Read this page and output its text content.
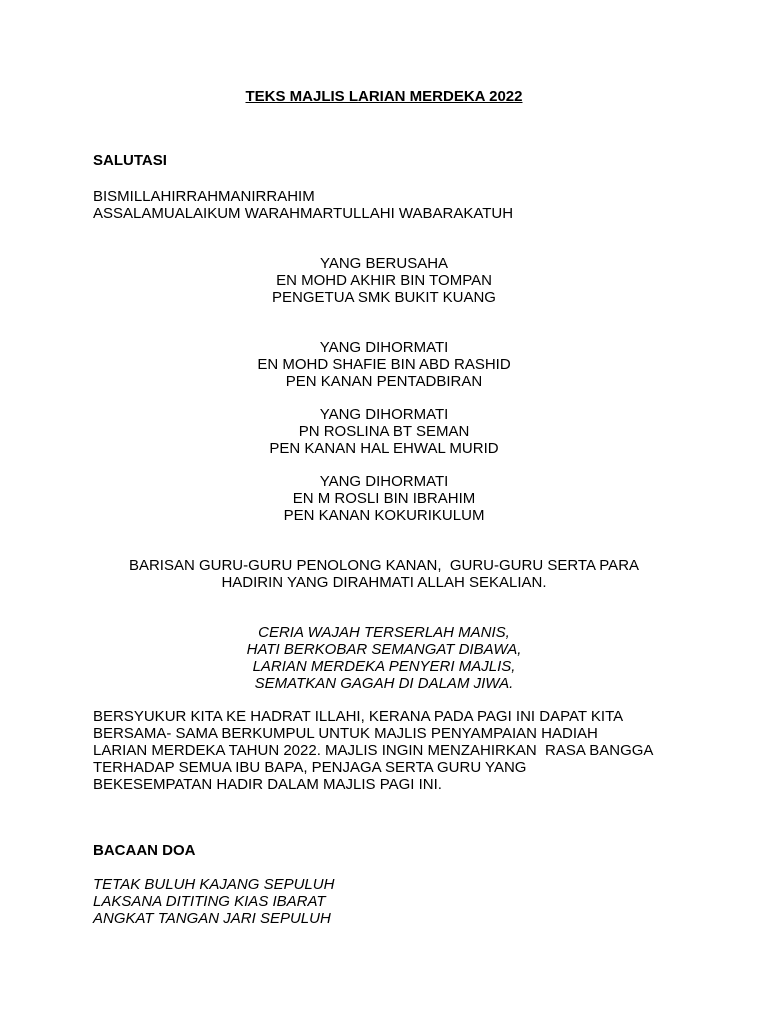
TEKS MAJLIS LARIAN MERDEKA 2022
SALUTASI
BISMILLAHIRRAHMANIRRAHIM
ASSALAMUALAIKUM WARAHMARTULLAHI WABARAKATUH
YANG BERUSAHA
EN MOHD AKHIR BIN TOMPAN
PENGETUA SMK BUKIT KUANG
YANG DIHORMATI
EN MOHD SHAFIE BIN ABD RASHID
PEN KANAN PENTADBIRAN
YANG DIHORMATI
PN ROSLINA BT SEMAN
PEN KANAN HAL EHWAL MURID
YANG DIHORMATI
EN M ROSLI BIN IBRAHIM
PEN KANAN KOKURIKULUM
BARISAN GURU-GURU PENOLONG KANAN,  GURU-GURU SERTA PARA
HADIRIN YANG DIRAHMATI ALLAH SEKALIAN.
CERIA WAJAH TERSERLAH MANIS,
HATI BERKOBAR SEMANGAT DIBAWA,
LARIAN MERDEKA PENYERI MAJLIS,
SEMATKAN GAGAH DI DALAM JIWA.
BERSYUKUR KITA KE HADRAT ILLAHI, KERANA PADA PAGI INI DAPAT KITA
BERSAMA- SAMA BERKUMPUL UNTUK MAJLIS PENYAMPAIAN HADIAH
LARIAN MERDEKA TAHUN 2022. MAJLIS INGIN MENZAHIRKAN  RASA BANGGA
TERHADAP SEMUA IBU BAPA, PENJAGA SERTA GURU YANG
BEKESEMPATAN HADIR DALAM MAJLIS PAGI INI.
BACAAN DOA
TETAK BULUH KAJANG SEPULUH
LAKSANA DITITING KIAS IBARAT
ANGKAT TANGAN JARI SEPULUH
